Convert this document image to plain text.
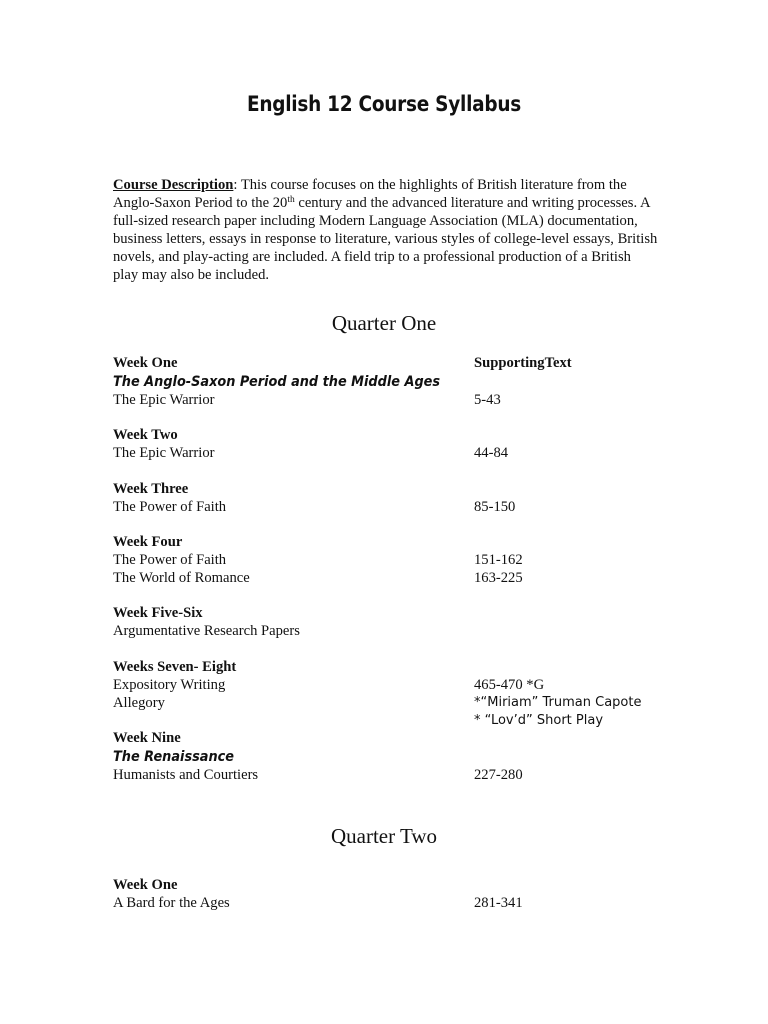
English 12 Course Syllabus

Course Description: This course focuses on the highlights of British literature from the Anglo-Saxon Period to the 20th century and the advanced literature and writing processes. A full-sized research paper including Modern Language Association (MLA) documentation, business letters, essays in response to literature, various styles of college-level essays, British novels, and play-acting are included. A field trip to a professional production of a British play may also be included.

Quarter One
Week One	SupportingText
The Anglo-Saxon Period and the Middle Ages
The Epic Warrior	5-43
Week Two
The Epic Warrior	44-84
Week Three
The Power of Faith	85-150
Week Four
The Power of Faith	151-162
The World of Romance	163-225
Week Five-Six
Argumentative Research Papers
Weeks Seven- Eight
Expository Writing	465-470 *G
Allegory	*“Miriam” Truman Capote
* “Lov’d” Short Play
Week Nine
The Renaissance
Humanists and Courtiers	227-280
Quarter Two
Week One
A Bard for the Ages	281-341
